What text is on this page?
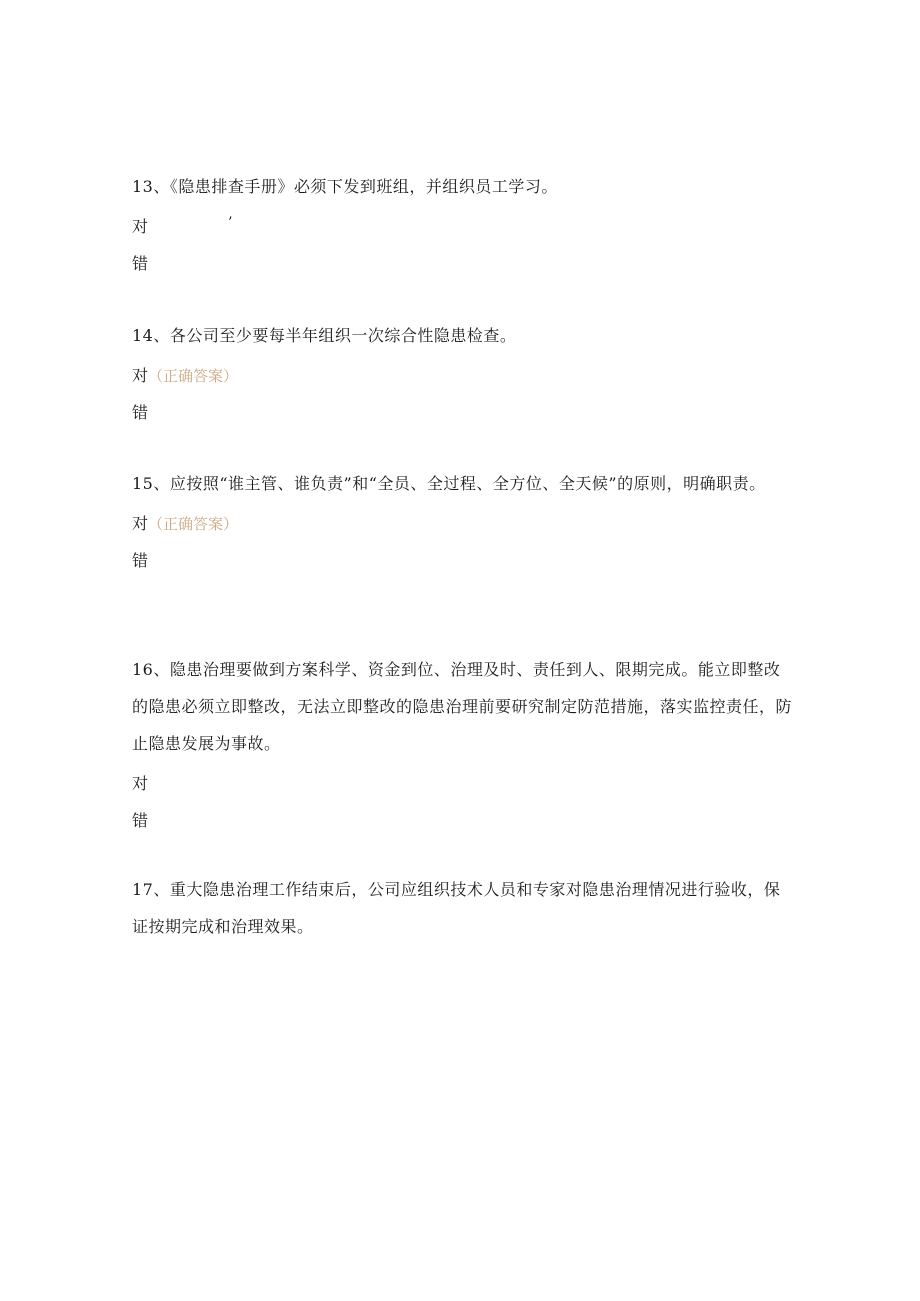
13、《隐患排查手册》必须下发到班组，并组织员工学习。

对	’
错

14、各公司至少要每半年组织一次综合性隐患检查。

对（正确答案）
错

15、应按照“谁主管、谁负责”和“全员、全过程、全方位、全天候”的原则，明确职责。

对（正确答案）
错

16、隐患治理要做到方案科学、资金到位、治理及时、责任到人、限期完成。能立即整改的隐患必须立即整改，无法立即整改的隐患治理前要研究制定防范措施，落实监控责任，防止隐患发展为事故。

对
错

17、重大隐患治理工作结束后，公司应组织技术人员和专家对隐患治理情况进行验收，保证按期完成和治理效果。
